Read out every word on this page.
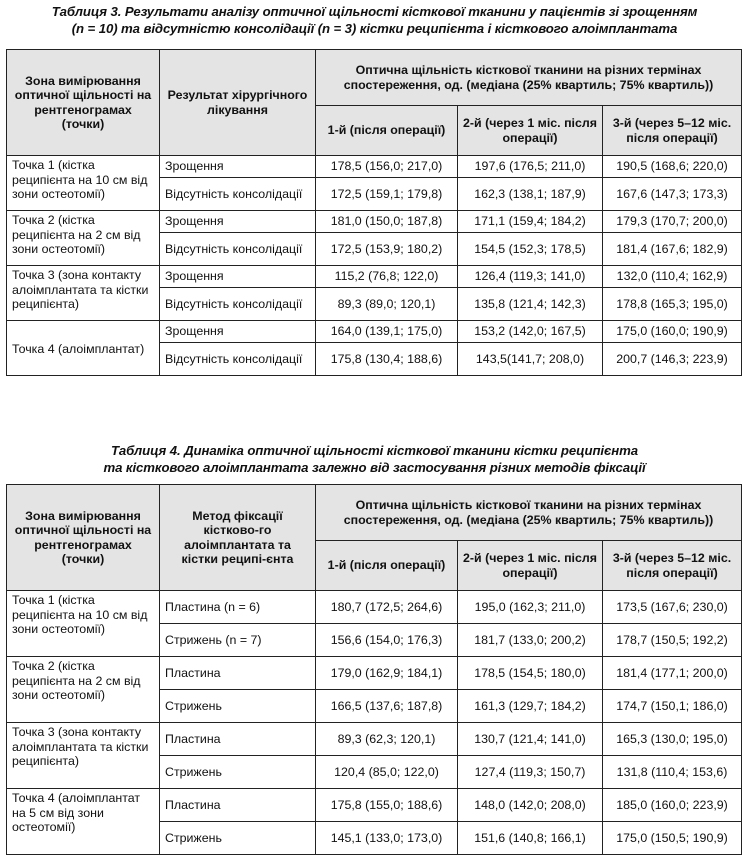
Таблиця 3. Результати аналізу оптичної щільності кісткової тканини у пацієнтів зі зрощенням
(n = 10) та відсутністю консолідації (n = 3) кістки реципієнта і кісткового алоімплантата
Зона вимірювання оптичної щільності на рентгенограмах (точки)	Результат хірургічного лікування	Оптична щільність кісткової тканини на різних термінах спостереження, од. (медіана (25% квартиль; 75% квартиль))		
		1-й (після операції)	2-й (через 1 міс. після операції)	3-й (через 5–12 міс. після операції)
Точка 1 (кістка реципієнта на 10 см від зони остеотомії)	Зрощення	178,5 (156,0; 217,0)	197,6 (176,5; 211,0)	190,5 (168,6; 220,0)
	Відсутність консолідації	172,5 (159,1; 179,8)	162,3 (138,1; 187,9)	167,6 (147,3; 173,3)
Точка 2 (кістка реципієнта на 2 см від зони остеотомії)	Зрощення	181,0 (150,0; 187,8)	171,1 (159,4; 184,2)	179,3 (170,7; 200,0)
	Відсутність консолідації	172,5 (153,9; 180,2)	154,5 (152,3; 178,5)	181,4 (167,6; 182,9)
Точка 3 (зона контакту алоімплантата та кістки реципієнта)	Зрощення	115,2 (76,8; 122,0)	126,4 (119,3; 141,0)	132,0 (110,4; 162,9)
	Відсутність консолідації	89,3 (89,0; 120,1)	135,8 (121,4; 142,3)	178,8 (165,3; 195,0)
Точка 4 (алоімплантат)	Зрощення	164,0 (139,1; 175,0)	153,2 (142,0; 167,5)	175,0 (160,0; 190,9)
	Відсутність консолідації	175,8 (130,4; 188,6)	143,5(141,7; 208,0)	200,7 (146,3; 223,9)
Таблиця 4. Динаміка оптичної щільності кісткової тканини кістки реципієнта
та кісткового алоімплантата залежно від застосування різних методів фіксації
Зона вимірювання оптичної щільності на рентгенограмах (точки)	Метод фіксації кістково-го алоімплантата та кістки реципі-єнта	Оптична щільність кісткової тканини на різних термінах спостереження, од. (медіана (25% квартиль; 75% квартиль))		
		1-й (після операції)	2-й (через 1 міс. після операції)	3-й (через 5–12 міс. після операції)
Точка 1 (кістка реципієнта на 10 см від зони остеотомії)	Пластина (n = 6)	180,7 (172,5; 264,6)	195,0 (162,3; 211,0)	173,5 (167,6; 230,0)
	Стрижень (n = 7)	156,6 (154,0; 176,3)	181,7 (133,0; 200,2)	178,7 (150,5; 192,2)
Точка 2 (кістка реципієнта на 2 см від зони остеотомії)	Пластина	179,0 (162,9; 184,1)	178,5 (154,5; 180,0)	181,4 (177,1; 200,0)
	Стрижень	166,5 (137,6; 187,8)	161,3 (129,7; 184,2)	174,7 (150,1; 186,0)
Точка 3 (зона контакту алоімплантата та кістки реципієнта)	Пластина	89,3 (62,3; 120,1)	130,7 (121,4; 141,0)	165,3 (130,0; 195,0)
	Стрижень	120,4 (85,0; 122,0)	127,4 (119,3; 150,7)	131,8 (110,4; 153,6)
Точка 4 (алоімплантат на 5 см від зони остеотомії)	Пластина	175,8 (155,0; 188,6)	148,0 (142,0; 208,0)	185,0 (160,0; 223,9)
	Стрижень	145,1 (133,0; 173,0)	151,6 (140,8; 166,1)	175,0 (150,5; 190,9)
